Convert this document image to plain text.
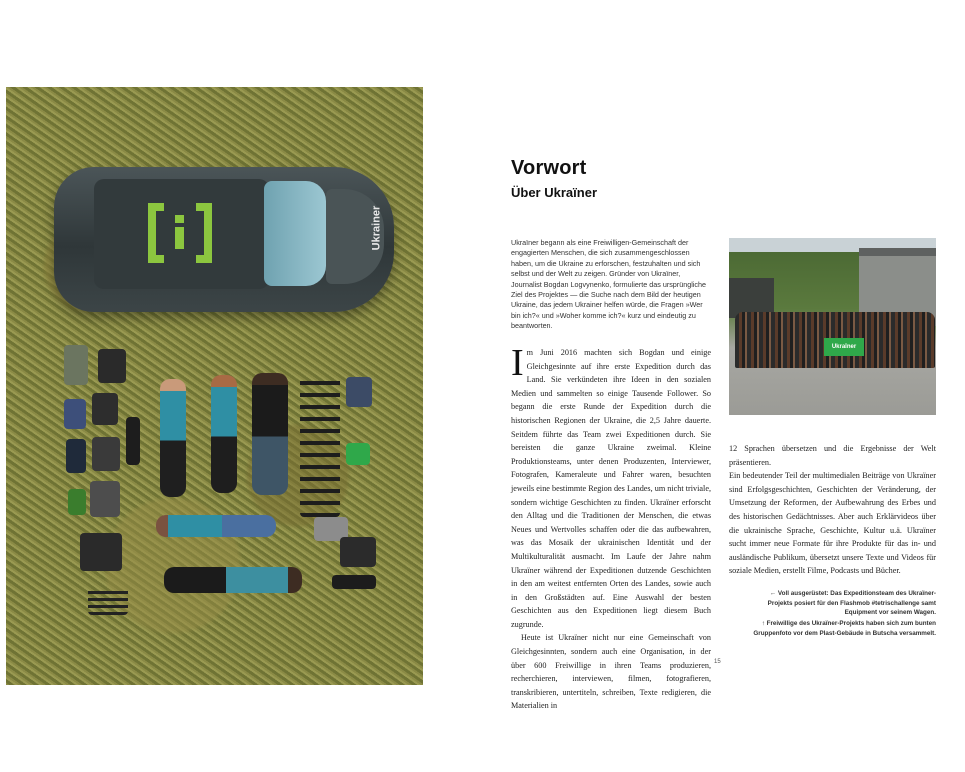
Ukrainer
Vorwort
Über Ukraїner
Ukraїner begann als eine Freiwilligen-Gemeinschaft der engagierten Menschen, die sich zusammengeschlossen haben, um die Ukraine zu erforschen, festzuhalten und sich selbst und der Welt zu zeigen. Gründer von Ukraїner, Journalist Bogdan Logvynenko, formulierte das ursprüngliche Ziel des Projektes — die Suche nach dem Bild der heutigen Ukraine, das jedem Ukrainer helfen würde, die Fragen »Wer bin ich?« und »Woher komme ich?« kurz und eindeutig zu beantworten.
Im Juni 2016 machten sich Bogdan und einige Gleichgesinnte auf ihre erste Expedition durch das Land. Sie verkündeten ihre Ideen in den sozialen Medien und sammelten so einige Tausende Follower. So begann die erste Runde der Expedition durch die historischen Regionen der Ukraine, die 2,5 Jahre dauerte. Seitdem führte das Team zwei Expeditionen durch. Sie bereisten die ganze Ukraine zweimal. Kleine Produktionsteams, unter denen Produzenten, Interviewer, Fotografen, Kameraleute und Fahrer waren, besuchten jeweils eine bestimmte Region des Landes, um nicht triviale, sondern wichtige Geschichten zu finden. Ukraїner erforscht den Alltag und die Traditionen der Menschen, die etwas Neues und Wertvolles schaffen oder die das aufbewahren, was das Mosaik der ukrainischen Identität und der Multikulturalität ausmacht. Im Laufe der Jahre nahm Ukraїner während der Expeditionen dutzende Geschichten in den am weitest entfernten Orten des Landes, sowie auch in den Großstädten auf. Eine Auswahl der besten Geschichten aus den Expeditionen liegt diesem Buch zugrunde.
Heute ist Ukraїner nicht nur eine Gemeinschaft von Gleichgesinnten, sondern auch eine Organisation, in der über 600 Freiwillige in ihren Teams produzieren, recherchieren, interviewen, filmen, fotografieren, transkribieren, untertiteln, schreiben, Texte redigieren, die Materialien in
Ukraїner
12 Sprachen übersetzen und die Ergebnisse der Welt präsentieren.
Ein bedeutender Teil der multimedialen Beiträge von Ukraїner sind Erfolgsgeschichten, Geschichten der Veränderung, der Umsetzung der Reformen, der Aufbewahrung des Erbes und des historischen Gedächtnisses. Aber auch Erklärvideos über die ukrainische Sprache, Geschichte, Kultur u.ä. Ukraїner sucht immer neue Formate für ihre Produkte für das in- und ausländische Publikum, übersetzt unsere Texte und Videos für soziale Medien, erstellt Filme, Podcasts und Bücher.
← Voll ausgerüstet: Das Expeditionsteam des Ukraїner-Projekts posiert für den Flashmob #tetrischallenge samt Equipment vor seinem Wagen.
↑ Freiwillige des Ukraїner-Projekts haben sich zum bunten Gruppenfoto vor dem Plast-Gebäude in Butscha versammelt.
15
